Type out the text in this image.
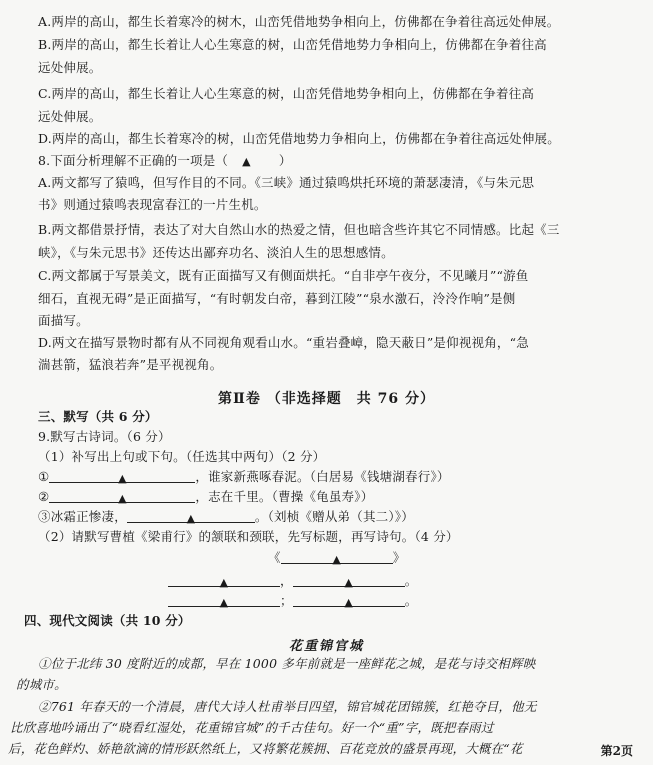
A.两岸的高山，都生长着寒冷的树木，山峦凭借地势争相向上，仿佛都在争着往高远处伸展。
B.两岸的高山，都生长着让人心生寒意的树，山峦凭借地势力争相向上，仿佛都在争着往高
远处伸展。
C.两岸的高山，都生长着让人心生寒意的树，山峦凭借地势争相向上，仿佛都在争着往高
远处伸展。
D.两岸的高山，都生长着寒冷的树，山峦凭借地势力争相向上，仿佛都在争着往高远处伸展。
8.下面分析理解不正确的一项是（ ▲ ）
A.两文都写了猿鸣，但写作目的不同。《三峡》通过猿鸣烘托环境的萧瑟凄清，《与朱元思
书》则通过猿鸣表现富春江的一片生机。
B.两文都借景抒情，表达了对大自然山水的热爱之情，但也暗含些许其它不同情感。比起《三
峡》，《与朱元思书》还传达出鄙弃功名、淡泊人生的思想感情。
C.两文都属于写景美文，既有正面描写又有侧面烘托。“自非亭午夜分，不见曦月”“游鱼
细石，直视无碍”是正面描写，“有时朝发白帝，暮到江陵”“泉水激石，泠泠作响”是侧
面描写。
D.两文在描写景物时都有从不同视角观看山水。“重岩叠嶂，隐天蔽日”是仰视视角，“急
湍甚箭，猛浪若奔”是平视视角。
第Ⅱ卷 （非选择题　共 76 分）
三、默写（共 6 分）
9.默写古诗词。（6 分）
（1）补写出上句或下句。（任选其中两句）（2 分）
①	▲	，谁家新燕啄春泥。（白居易《钱塘湖春行》）
②	▲	，志在千里。（曹操《龟虽寿》）
③冰霜正惨凄，	▲	。（刘桢《赠从弟（其二）》）
（2）请默写曹植《梁甫行》的颔联和颈联，先写标题，再写诗句。（4 分）
《	▲	》
▲	，	▲	。
▲	；	▲	。
四、现代文阅读（共 10 分）
花重锦官城
①位于北纬 30 度附近的成都，早在 1000 多年前就是一座鲜花之城，是花与诗交相辉映
的城市。
②761 年春天的一个清晨，唐代大诗人杜甫举目四望，锦官城花团锦簇，红艳夺目，他无
比欣喜地吟诵出了“晓看红湿处，花重锦官城”的千古佳句。好一个“重”字，既把春雨过
后，花色鲜灼、娇艳欲滴的情形跃然纸上，又将繁花簇拥、百花竞放的盛景再现，大概在“花	第2页
